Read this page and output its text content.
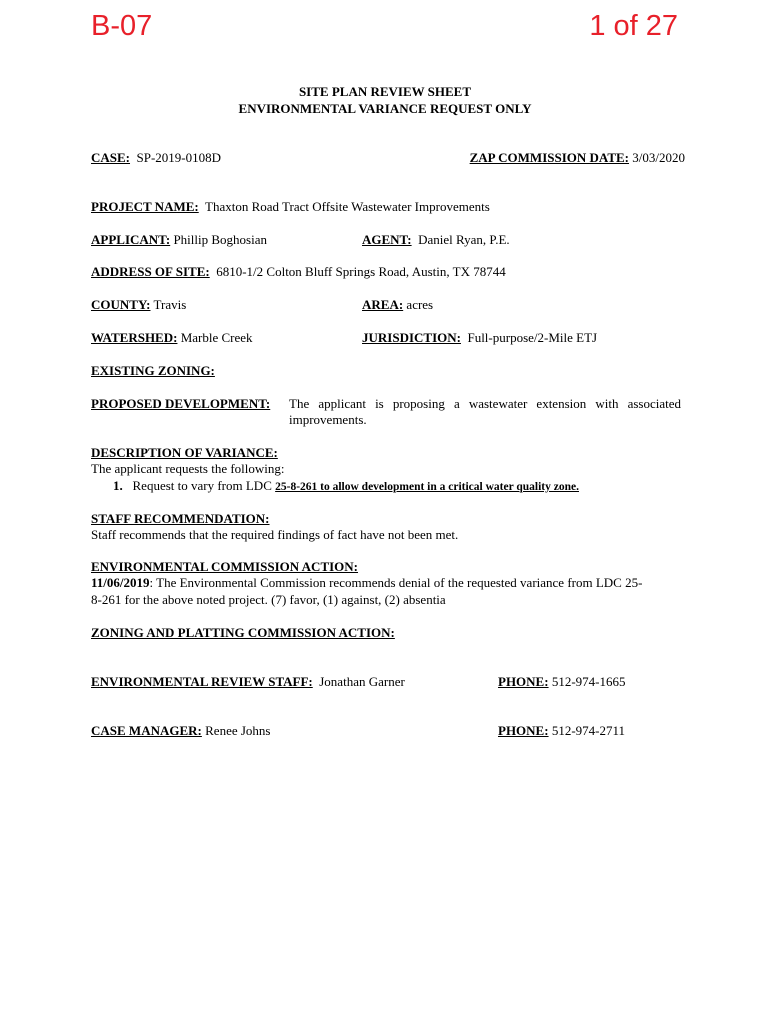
B-07	1 of 27
SITE PLAN REVIEW SHEET
ENVIRONMENTAL VARIANCE REQUEST ONLY
CASE: SP-2019-0108D	ZAP COMMISSION DATE: 3/03/2020
PROJECT NAME: Thaxton Road Tract Offsite Wastewater Improvements
APPLICANT: Phillip Boghosian	AGENT: Daniel Ryan, P.E.
ADDRESS OF SITE: 6810-1/2 Colton Bluff Springs Road, Austin, TX 78744
COUNTY: Travis	AREA: acres
WATERSHED: Marble Creek	JURISDICTION: Full-purpose/2-Mile ETJ
EXISTING ZONING:
PROPOSED DEVELOPMENT: The applicant is proposing a wastewater extension with associated
improvements.
DESCRIPTION OF VARIANCE:
The applicant requests the following:
1. Request to vary from LDC 25-8-261 to allow development in a critical water quality zone.
STAFF RECOMMENDATION:
Staff recommends that the required findings of fact have not been met.
ENVIRONMENTAL COMMISSION ACTION:
11/06/2019: The Environmental Commission recommends denial of the requested variance from LDC 25-
8-261 for the above noted project. (7) favor, (1) against, (2) absentia
ZONING AND PLATTING COMMISSION ACTION:
ENVIRONMENTAL REVIEW STAFF: Jonathan Garner	PHONE: 512-974-1665
CASE MANAGER: Renee Johns	PHONE: 512-974-2711
